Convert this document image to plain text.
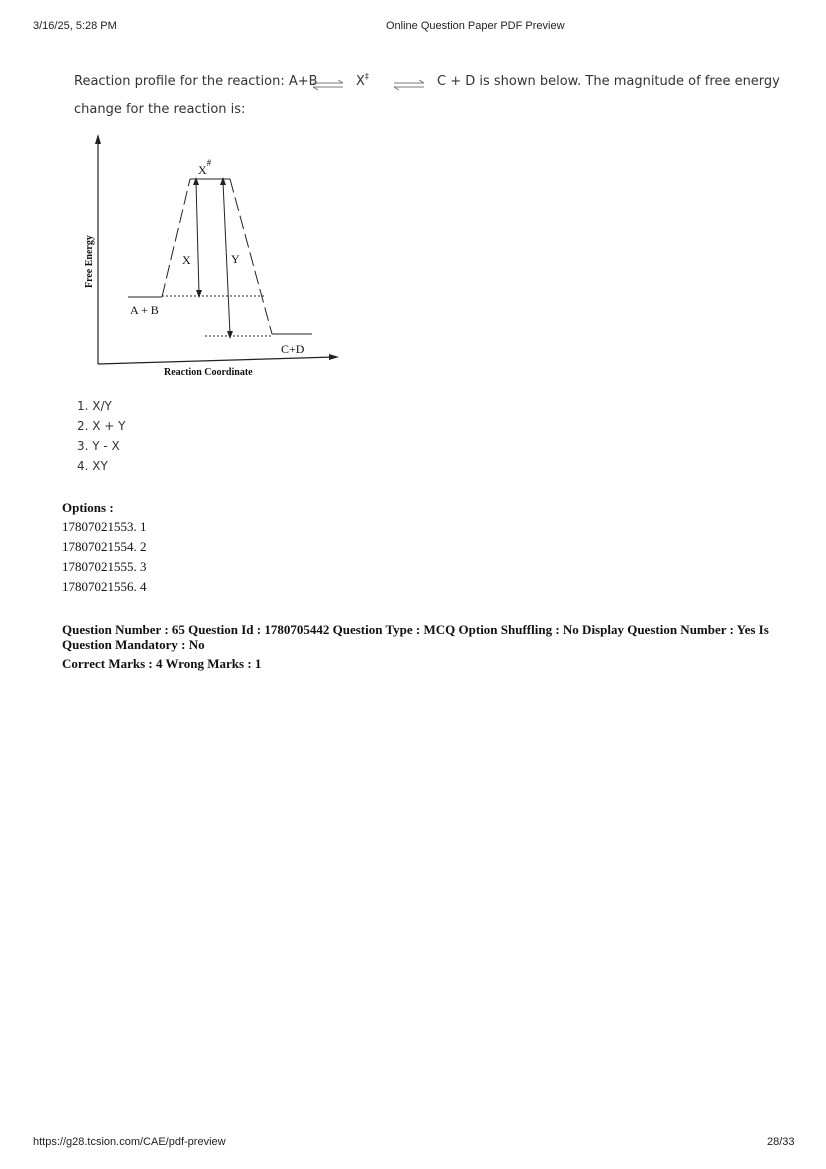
3/16/25, 5:28 PM	Online Question Paper PDF Preview
Reaction profile for the reaction: A+B ⇌ X‡ ⇌ C + D is shown below. The magnitude of free energy
change for the reaction is:
Free Energy
Reaction Coordinate
X#
X	Y
A + B
C+D
1. X/Y
2. X + Y
3. Y - X
4. XY
Options :
17807021553. 1
17807021554. 2
17807021555. 3
17807021556. 4
Question Number : 65 Question Id : 1780705442 Question Type : MCQ Option Shuffling : No Display Question Number : Yes Is Question Mandatory : No
Correct Marks : 4 Wrong Marks : 1
https://g28.tcsion.com/CAE/pdf-preview	28/33
